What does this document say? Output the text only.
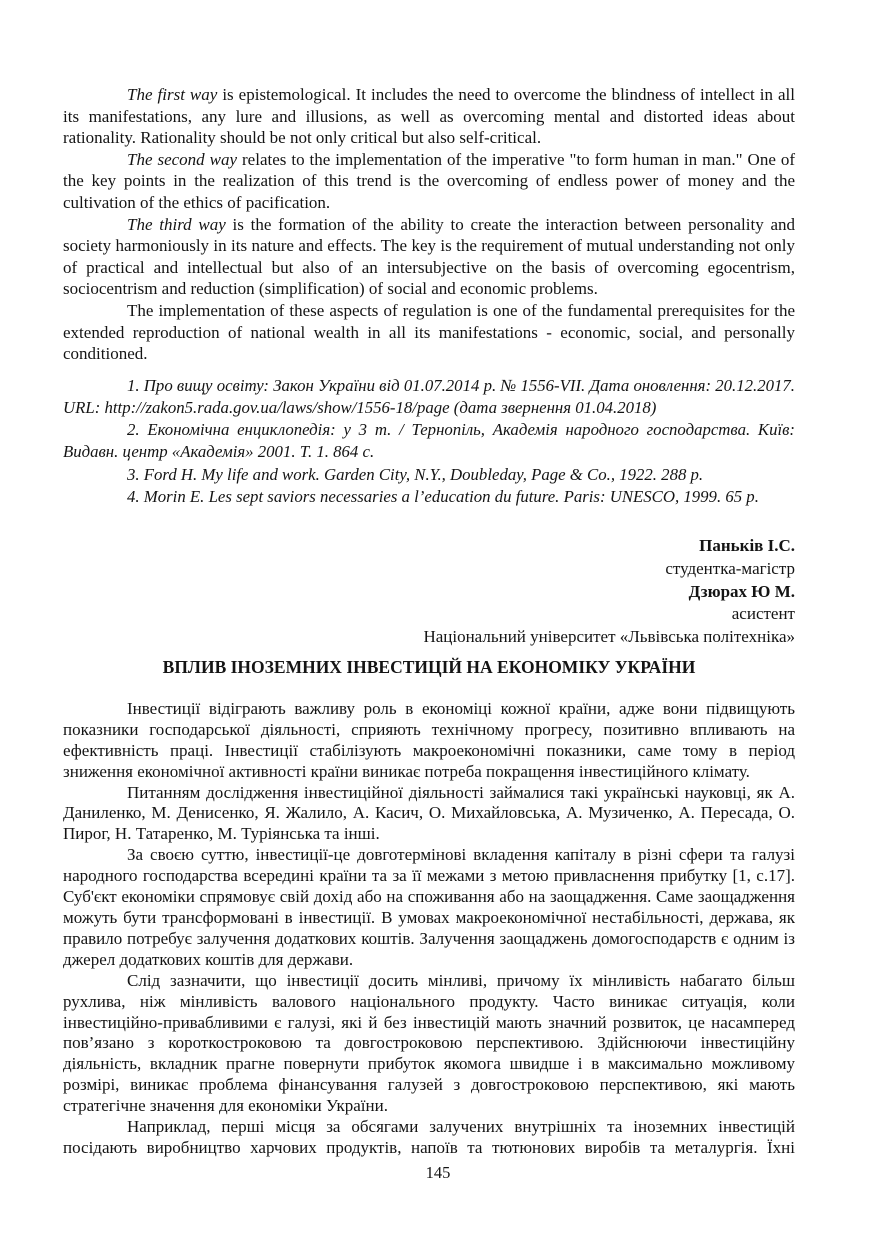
The first way is epistemological. It includes the need to overcome the blindness of intellect in all its manifestations, any lure and illusions, as well as overcoming mental and distorted ideas about rationality. Rationality should be not only critical but also self-critical.

The second way relates to the implementation of the imperative "to form human in man." One of the key points in the realization of this trend is the overcoming of endless power of money and the cultivation of the ethics of pacification.

The third way is the formation of the ability to create the interaction between personality and society harmoniously in its nature and effects. The key is the requirement of mutual understanding not only of practical and intellectual but also of an intersubjective on the basis of overcoming egocentrism, sociocentrism and reduction (simplification) of social and economic problems.

The implementation of these aspects of regulation is one of the fundamental prerequisites for the extended reproduction of national wealth in all its manifestations - economic, social, and personally conditioned.

1. Про вищу освіту: Закон України від 01.07.2014 р. № 1556-VII. Дата оновлення: 20.12.2017. URL: http://zakon5.rada.gov.ua/laws/show/1556-18/page (дата звернення 01.04.2018)

2. Економічна енциклопедія: у 3 т. / Тернопіль, Академія народного господарства. Київ: Видавн. центр «Академія» 2001. Т. 1. 864 с.

3. Ford H. My life and work. Garden City, N.Y., Doubleday, Page & Co., 1922. 288 p.

4. Morin E. Les sept saviors necessaries a l’education du future. Paris: UNESCO, 1999. 65 p.

Паньків І.С.
студентка-магістр
Дзюрах Ю М.
асистент
Національний університет «Львівська політехніка»
ВПЛИВ ІНОЗЕМНИХ ІНВЕСТИЦІЙ НА ЕКОНОМІКУ УКРАЇНИ

Інвестиції відіграють важливу роль в економіці кожної країни, адже вони підвищують показники господарської діяльності, сприяють технічному прогресу, позитивно впливають на ефективність праці. Інвестиції стабілізують макроекономічні показники, саме тому в період зниження економічної активності країни виникає потреба покращення інвестиційного клімату.

Питанням дослідження інвестиційної діяльності займалися такі українські науковці, як А. Даниленко, М. Денисенко, Я. Жалило, А. Касич, О. Михайловська, А. Музиченко, А. Пересада, О. Пирог, Н. Татаренко, М. Туріянська та інші.

За своєю суттю, інвестиції-це довготермінові вкладення капіталу в різні сфери та галузі народного господарства всередині країни та за її межами з метою привласнення прибутку [1, с.17]. Суб'єкт економіки спрямовує свій дохід або на споживання або на заощадження. Саме заощадження можуть бути трансформовані в інвестиції. В умовах макроекономічної нестабільності, держава, як правило потребує залучення додаткових коштів. Залучення заощаджень домогосподарств є одним із джерел додаткових коштів для держави.

Слід зазначити, що інвестиції досить мінливі, причому їх мінливість набагато більш рухлива, ніж мінливість валового національного продукту. Часто виникає ситуація, коли інвестиційно-привабливими є галузі, які й без інвестицій мають значний розвиток, це насамперед пов’язано з короткостроковою та довгостроковою перспективою. Здійснюючи інвестиційну діяльність, вкладник прагне повернути прибуток якомога швидше і в максимально можливому розмірі, виникає проблема фінансування галузей з довгостроковою перспективою, які мають стратегічне значення для економіки України.

Наприклад, перші місця за обсягами залучених внутрішніх та іноземних інвестицій посідають виробництво харчових продуктів, напоїв та тютюнових виробів та металургія. Їхні

145
